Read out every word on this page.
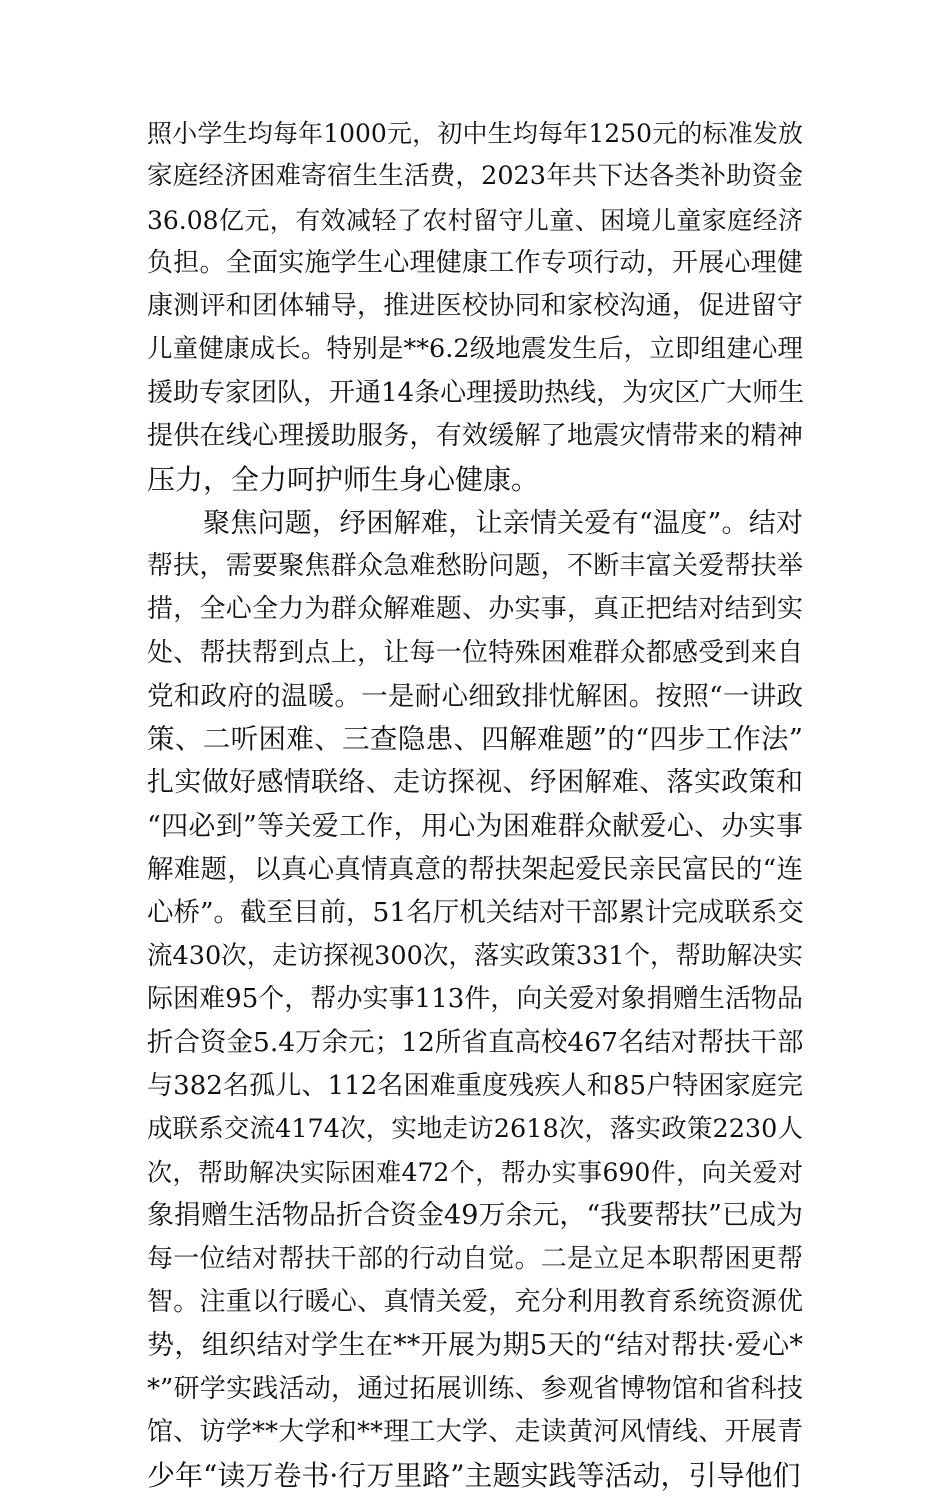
照小学生均每年1000元，初中生均每年1250元的标准发放
家庭经济困难寄宿生生活费，2023年共下达各类补助资金
36.08亿元，有效减轻了农村留守儿童、困境儿童家庭经济
负担。全面实施学生心理健康工作专项行动，开展心理健
康测评和团体辅导，推进医校协同和家校沟通，促进留守
儿童健康成长。特别是**6.2级地震发生后，立即组建心理
援助专家团队，开通14条心理援助热线，为灾区广大师生
提供在线心理援助服务，有效缓解了地震灾情带来的精神
压力，全力呵护师生身心健康。
聚焦问题，纾困解难，让亲情关爱有“温度”。结对
帮扶，需要聚焦群众急难愁盼问题，不断丰富关爱帮扶举
措，全心全力为群众解难题、办实事，真正把结对结到实
处、帮扶帮到点上，让每一位特殊困难群众都感受到来自
党和政府的温暖。一是耐心细致排忧解困。按照“一讲政
策、二听困难、三查隐患、四解难题”的“四步工作法”
扎实做好感情联络、走访探视、纾困解难、落实政策和
“四必到”等关爱工作，用心为困难群众献爱心、办实事
解难题，以真心真情真意的帮扶架起爱民亲民富民的“连
心桥”。截至目前，51名厅机关结对干部累计完成联系交
流430次，走访探视300次，落实政策331个，帮助解决实
际困难95个，帮办实事113件，向关爱对象捐赠生活物品
折合资金5.4万余元；12所省直高校467名结对帮扶干部
与382名孤儿、112名困难重度残疾人和85户特困家庭完
成联系交流4174次，实地走访2618次，落实政策2230人
次，帮助解决实际困难472个，帮办实事690件，向关爱对
象捐赠生活物品折合资金49万余元，“我要帮扶”已成为
每一位结对帮扶干部的行动自觉。二是立足本职帮困更帮
智。注重以行暖心、真情关爱，充分利用教育系统资源优
势，组织结对学生在**开展为期5天的“结对帮扶·爱心*
*”研学实践活动，通过拓展训练、参观省博物馆和省科技
馆、访学**大学和**理工大学、走读黄河风情线、开展青
少年“读万卷书·行万里路”主题实践等活动，引导他们
